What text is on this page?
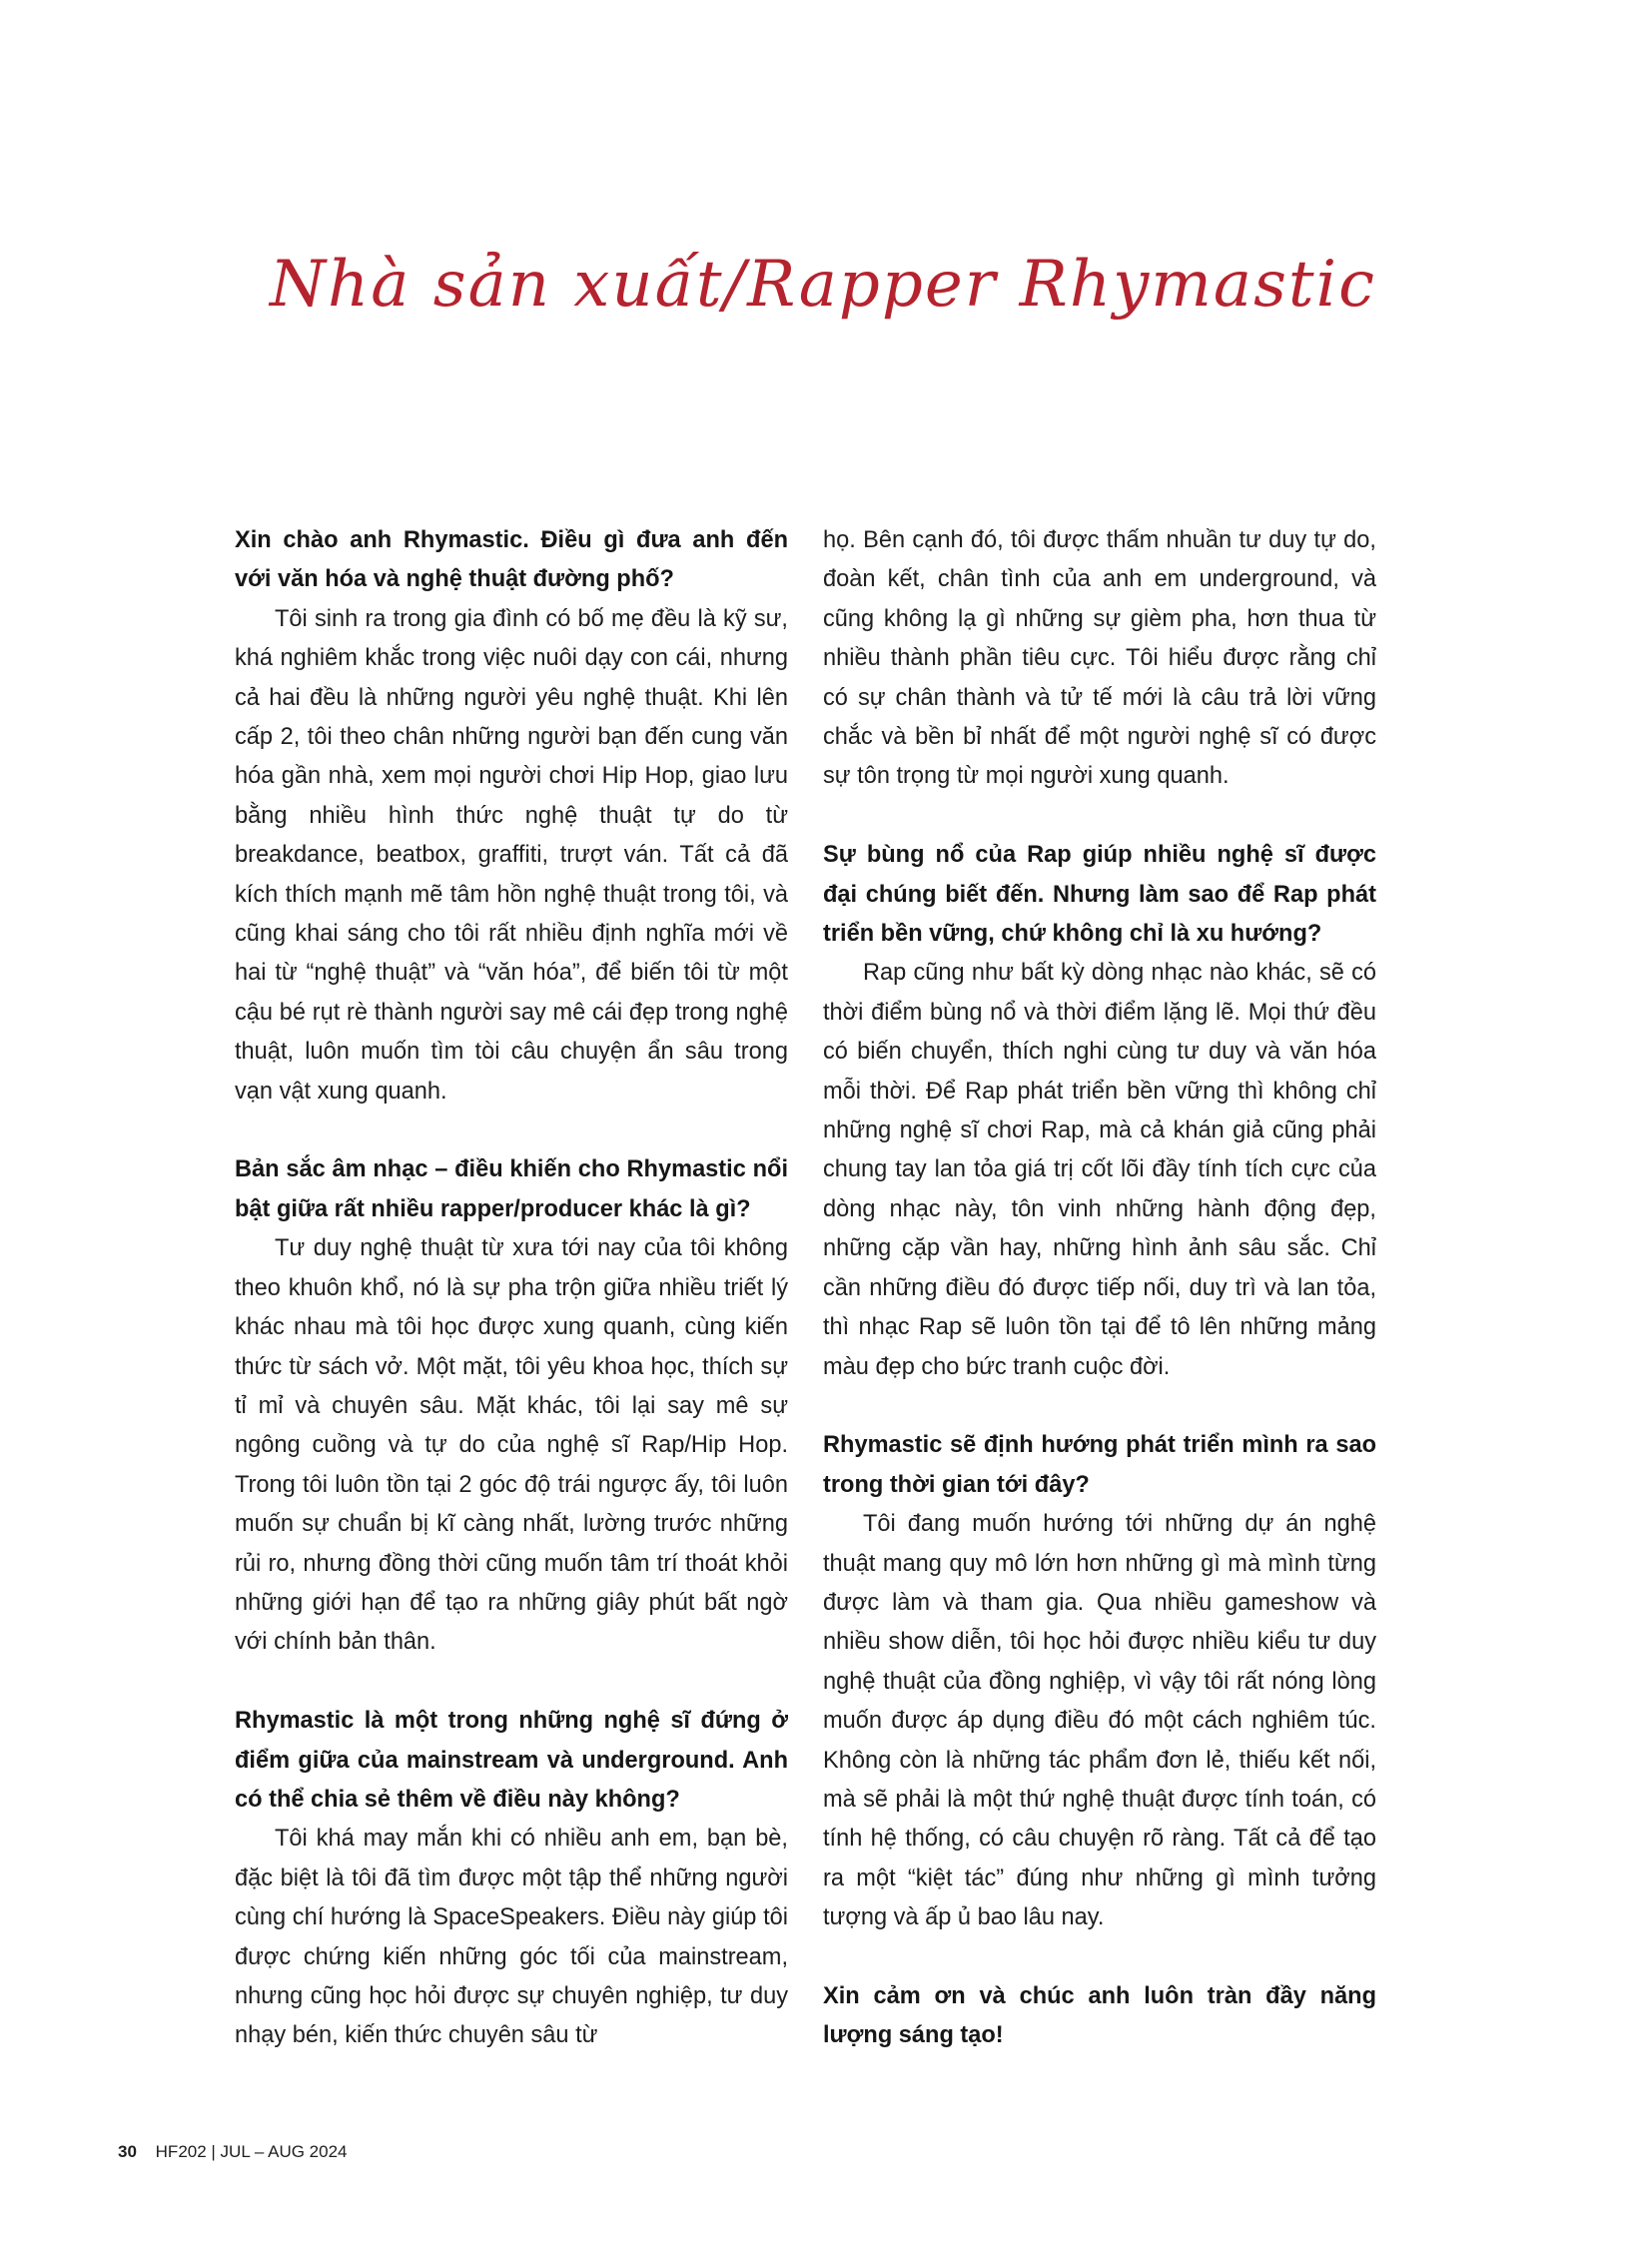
Nhà sản xuất/Rapper Rhymastic

Xin chào anh Rhymastic. Điều gì đưa anh đến với văn hóa và nghệ thuật đường phố?

Tôi sinh ra trong gia đình có bố mẹ đều là kỹ sư, khá nghiêm khắc trong việc nuôi dạy con cái, nhưng cả hai đều là những người yêu nghệ thuật. Khi lên cấp 2, tôi theo chân những người bạn đến cung văn hóa gần nhà, xem mọi người chơi Hip Hop, giao lưu bằng nhiều hình thức nghệ thuật tự do từ breakdance, beatbox, graffiti, trượt ván. Tất cả đã kích thích mạnh mẽ tâm hồn nghệ thuật trong tôi, và cũng khai sáng cho tôi rất nhiều định nghĩa mới về hai từ “nghệ thuật” và “văn hóa”, để biến tôi từ một cậu bé rụt rè thành người say mê cái đẹp trong nghệ thuật, luôn muốn tìm tòi câu chuyện ẩn sâu trong vạn vật xung quanh.

Bản sắc âm nhạc – điều khiến cho Rhymastic nổi bật giữa rất nhiều rapper/producer khác là gì?

Tư duy nghệ thuật từ xưa tới nay của tôi không theo khuôn khổ, nó là sự pha trộn giữa nhiều triết lý khác nhau mà tôi học được xung quanh, cùng kiến thức từ sách vở. Một mặt, tôi yêu khoa học, thích sự tỉ mỉ và chuyên sâu. Mặt khác, tôi lại say mê sự ngông cuồng và tự do của nghệ sĩ Rap/Hip Hop. Trong tôi luôn tồn tại 2 góc độ trái ngược ấy, tôi luôn muốn sự chuẩn bị kĩ càng nhất, lường trước những rủi ro, nhưng đồng thời cũng muốn tâm trí thoát khỏi những giới hạn để tạo ra những giây phút bất ngờ với chính bản thân.

Rhymastic là một trong những nghệ sĩ đứng ở điểm giữa của mainstream và underground. Anh có thể chia sẻ thêm về điều này không?

Tôi khá may mắn khi có nhiều anh em, bạn bè, đặc biệt là tôi đã tìm được một tập thể những người cùng chí hướng là SpaceSpeakers. Điều này giúp tôi được chứng kiến những góc tối của mainstream, nhưng cũng học hỏi được sự chuyên nghiệp, tư duy nhạy bén, kiến thức chuyên sâu từ

họ. Bên cạnh đó, tôi được thấm nhuần tư duy tự do, đoàn kết, chân tình của anh em underground, và cũng không lạ gì những sự gièm pha, hơn thua từ nhiều thành phần tiêu cực. Tôi hiểu được rằng chỉ có sự chân thành và tử tế mới là câu trả lời vững chắc và bền bỉ nhất để một người nghệ sĩ có được sự tôn trọng từ mọi người xung quanh.

Sự bùng nổ của Rap giúp nhiều nghệ sĩ được đại chúng biết đến. Nhưng làm sao để Rap phát triển bền vững, chứ không chỉ là xu hướng?

Rap cũng như bất kỳ dòng nhạc nào khác, sẽ có thời điểm bùng nổ và thời điểm lặng lẽ. Mọi thứ đều có biến chuyển, thích nghi cùng tư duy và văn hóa mỗi thời. Để Rap phát triển bền vững thì không chỉ những nghệ sĩ chơi Rap, mà cả khán giả cũng phải chung tay lan tỏa giá trị cốt lõi đầy tính tích cực của dòng nhạc này, tôn vinh những hành động đẹp, những cặp vần hay, những hình ảnh sâu sắc. Chỉ cần những điều đó được tiếp nối, duy trì và lan tỏa, thì nhạc Rap sẽ luôn tồn tại để tô lên những mảng màu đẹp cho bức tranh cuộc đời.

Rhymastic sẽ định hướng phát triển mình ra sao trong thời gian tới đây?

Tôi đang muốn hướng tới những dự án nghệ thuật mang quy mô lớn hơn những gì mà mình từng được làm và tham gia. Qua nhiều gameshow và nhiều show diễn, tôi học hỏi được nhiều kiểu tư duy nghệ thuật của đồng nghiệp, vì vậy tôi rất nóng lòng muốn được áp dụng điều đó một cách nghiêm túc. Không còn là những tác phẩm đơn lẻ, thiếu kết nối, mà sẽ phải là một thứ nghệ thuật được tính toán, có tính hệ thống, có câu chuyện rõ ràng. Tất cả để tạo ra một “kiệt tác” đúng như những gì mình tưởng tượng và ấp ủ bao lâu nay.

Xin cảm ơn và chúc anh luôn tràn đầy năng lượng sáng tạo!

30 HF202 | JUL – AUG 2024
